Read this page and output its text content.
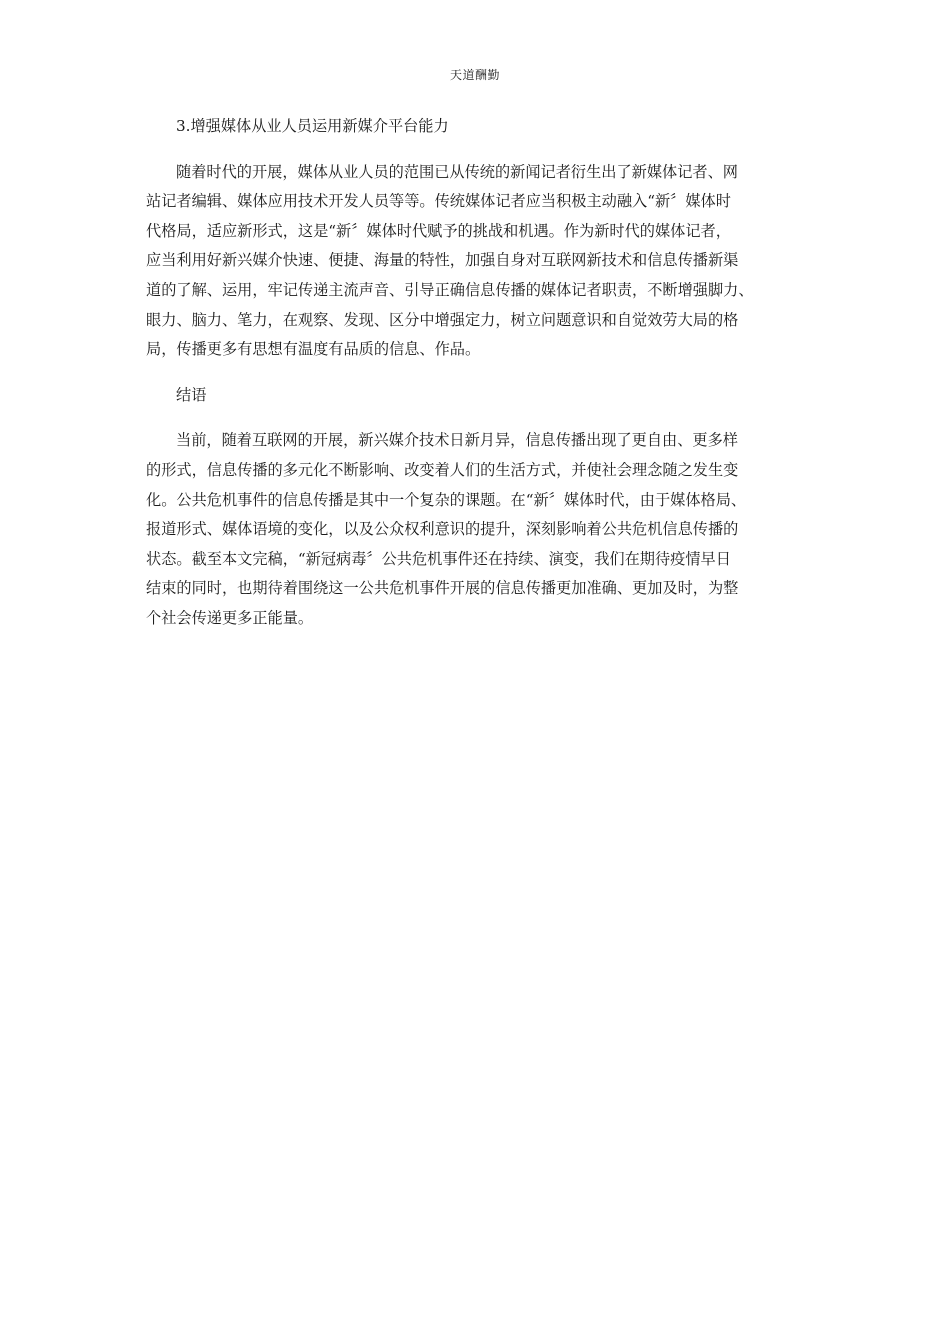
天道酬勤
3.增强媒体从业人员运用新媒介平台能力
随着时代的开展，媒体从业人员的范围已从传统的新闻记者衍生出了新媒体记者、网
站记者编辑、媒体应用技术开发人员等等。传统媒体记者应当积极主动融入“新〞媒体时
代格局，适应新形式，这是“新〞媒体时代赋予的挑战和机遇。作为新时代的媒体记者，
应当利用好新兴媒介快速、便捷、海量的特性，加强自身对互联网新技术和信息传播新渠
道的了解、运用，牢记传递主流声音、引导正确信息传播的媒体记者职责，不断增强脚力、
眼力、脑力、笔力，在观察、发现、区分中增强定力，树立问题意识和自觉效劳大局的格
局，传播更多有思想有温度有品质的信息、作品。
结语
当前，随着互联网的开展，新兴媒介技术日新月异，信息传播出现了更自由、更多样
的形式，信息传播的多元化不断影响、改变着人们的生活方式，并使社会理念随之发生变
化。公共危机事件的信息传播是其中一个复杂的课题。在“新〞媒体时代，由于媒体格局、
报道形式、媒体语境的变化，以及公众权利意识的提升，深刻影响着公共危机信息传播的
状态。截至本文完稿，“新冠病毒〞公共危机事件还在持续、演变，我们在期待疫情早日
结束的同时，也期待着围绕这一公共危机事件开展的信息传播更加准确、更加及时，为整
个社会传递更多正能量。
